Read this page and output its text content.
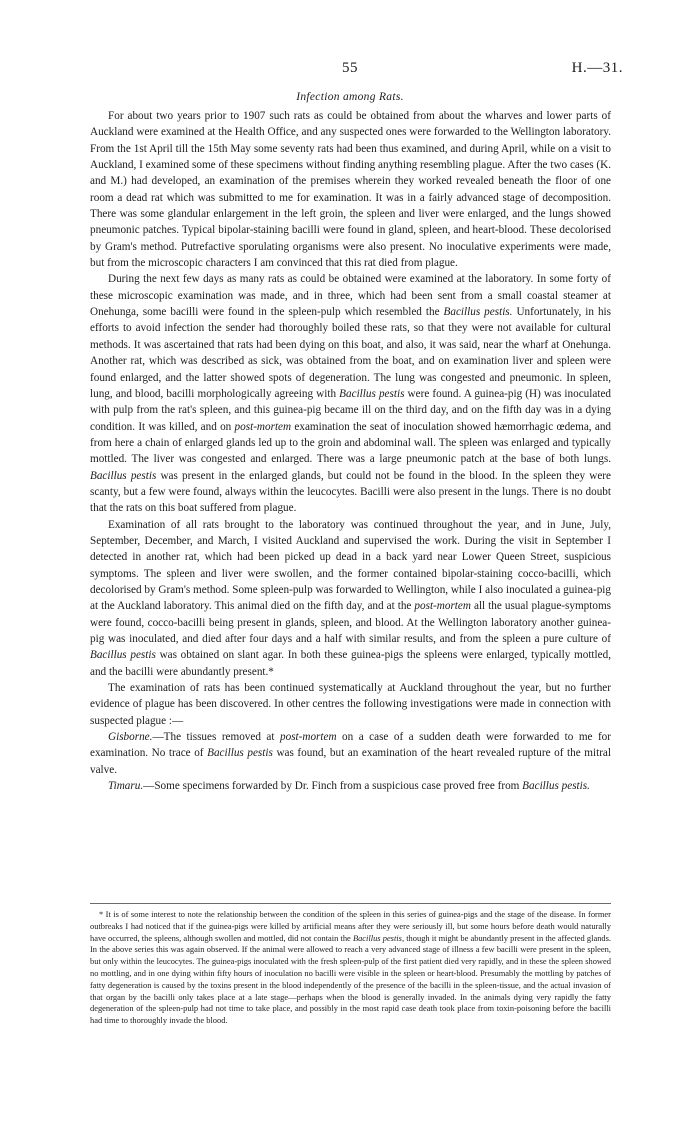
55	H.—31.
Infection among Rats.

For about two years prior to 1907 such rats as could be obtained from about the wharves and lower parts of Auckland were examined at the Health Office, and any suspected ones were forwarded to the Wellington laboratory. From the 1st April till the 15th May some seventy rats had been thus examined, and during April, while on a visit to Auckland, I examined some of these specimens without finding anything resembling plague. After the two cases (K. and M.) had developed, an examination of the premises wherein they worked revealed beneath the floor of one room a dead rat which was submitted to me for examination. It was in a fairly advanced stage of decomposition. There was some glandular enlargement in the left groin, the spleen and liver were enlarged, and the lungs showed pneumonic patches. Typical bipolar-staining bacilli were found in gland, spleen, and heart-blood. These decolorised by Gram's method. Putrefactive sporulating organisms were also present. No inoculative experiments were made, but from the microscopic characters I am convinced that this rat died from plague.

During the next few days as many rats as could be obtained were examined at the laboratory. In some forty of these microscopic examination was made, and in three, which had been sent from a small coastal steamer at Onehunga, some bacilli were found in the spleen-pulp which resembled the Bacillus pestis. Unfortunately, in his efforts to avoid infection the sender had thoroughly boiled these rats, so that they were not available for cultural methods. It was ascertained that rats had been dying on this boat, and also, it was said, near the wharf at Onehunga. Another rat, which was described as sick, was obtained from the boat, and on examination liver and spleen were found enlarged, and the latter showed spots of degeneration. The lung was congested and pneumonic. In spleen, lung, and blood, bacilli morphologically agreeing with Bacillus pestis were found. A guinea-pig (H) was inoculated with pulp from the rat's spleen, and this guinea-pig became ill on the third day, and on the fifth day was in a dying condition. It was killed, and on post-mortem examination the seat of inoculation showed hæmorrhagic œdema, and from here a chain of enlarged glands led up to the groin and abdominal wall. The spleen was enlarged and typically mottled. The liver was congested and enlarged. There was a large pneumonic patch at the base of both lungs. Bacillus pestis was present in the enlarged glands, but could not be found in the blood. In the spleen they were scanty, but a few were found, always within the leucocytes. Bacilli were also present in the lungs. There is no doubt that the rats on this boat suffered from plague.

Examination of all rats brought to the laboratory was continued throughout the year, and in June, July, September, December, and March, I visited Auckland and supervised the work. During the visit in September I detected in another rat, which had been picked up dead in a back yard near Lower Queen Street, suspicious symptoms. The spleen and liver were swollen, and the former contained bipolar-staining cocco-bacilli, which decolorised by Gram's method. Some spleen-pulp was forwarded to Wellington, while I also inoculated a guinea-pig at the Auckland laboratory. This animal died on the fifth day, and at the post-mortem all the usual plague-symptoms were found, cocco-bacilli being present in glands, spleen, and blood. At the Wellington laboratory another guinea-pig was inoculated, and died after four days and a half with similar results, and from the spleen a pure culture of Bacillus pestis was obtained on slant agar. In both these guinea-pigs the spleens were enlarged, typically mottled, and the bacilli were abundantly present.*

The examination of rats has been continued systematically at Auckland throughout the year, but no further evidence of plague has been discovered. In other centres the following investigations were made in connection with suspected plague :—

Gisborne.—The tissues removed at post-mortem on a case of a sudden death were forwarded to me for examination. No trace of Bacillus pestis was found, but an examination of the heart revealed rupture of the mitral valve.

Timaru.—Some specimens forwarded by Dr. Finch from a suspicious case proved free from Bacillus pestis.

* It is of some interest to note the relationship between the condition of the spleen in this series of guinea-pigs and the stage of the disease. In former outbreaks I had noticed that if the guinea-pigs were killed by artificial means after they were seriously ill, but some hours before death would naturally have occurred, the spleens, although swollen and mottled, did not contain the Bacillus pestis, though it might be abundantly present in the affected glands. In the above series this was again observed. If the animal were allowed to reach a very advanced stage of illness a few bacilli were present in the spleen, but only within the leucocytes. The guinea-pigs inoculated with the fresh spleen-pulp of the first patient died very rapidly, and in these the spleen showed no mottling, and in one dying within fifty hours of inoculation no bacilli were visible in the spleen or heart-blood. Presumably the mottling by patches of fatty degeneration is caused by the toxins present in the blood independently of the presence of the bacilli in the spleen-tissue, and the actual invasion of that organ by the bacilli only takes place at a late stage—perhaps when the blood is generally invaded. In the animals dying very rapidly the fatty degeneration of the spleen-pulp had not time to take place, and possibly in the most rapid case death took place from toxin-poisoning before the bacilli had time to thoroughly invade the blood.
